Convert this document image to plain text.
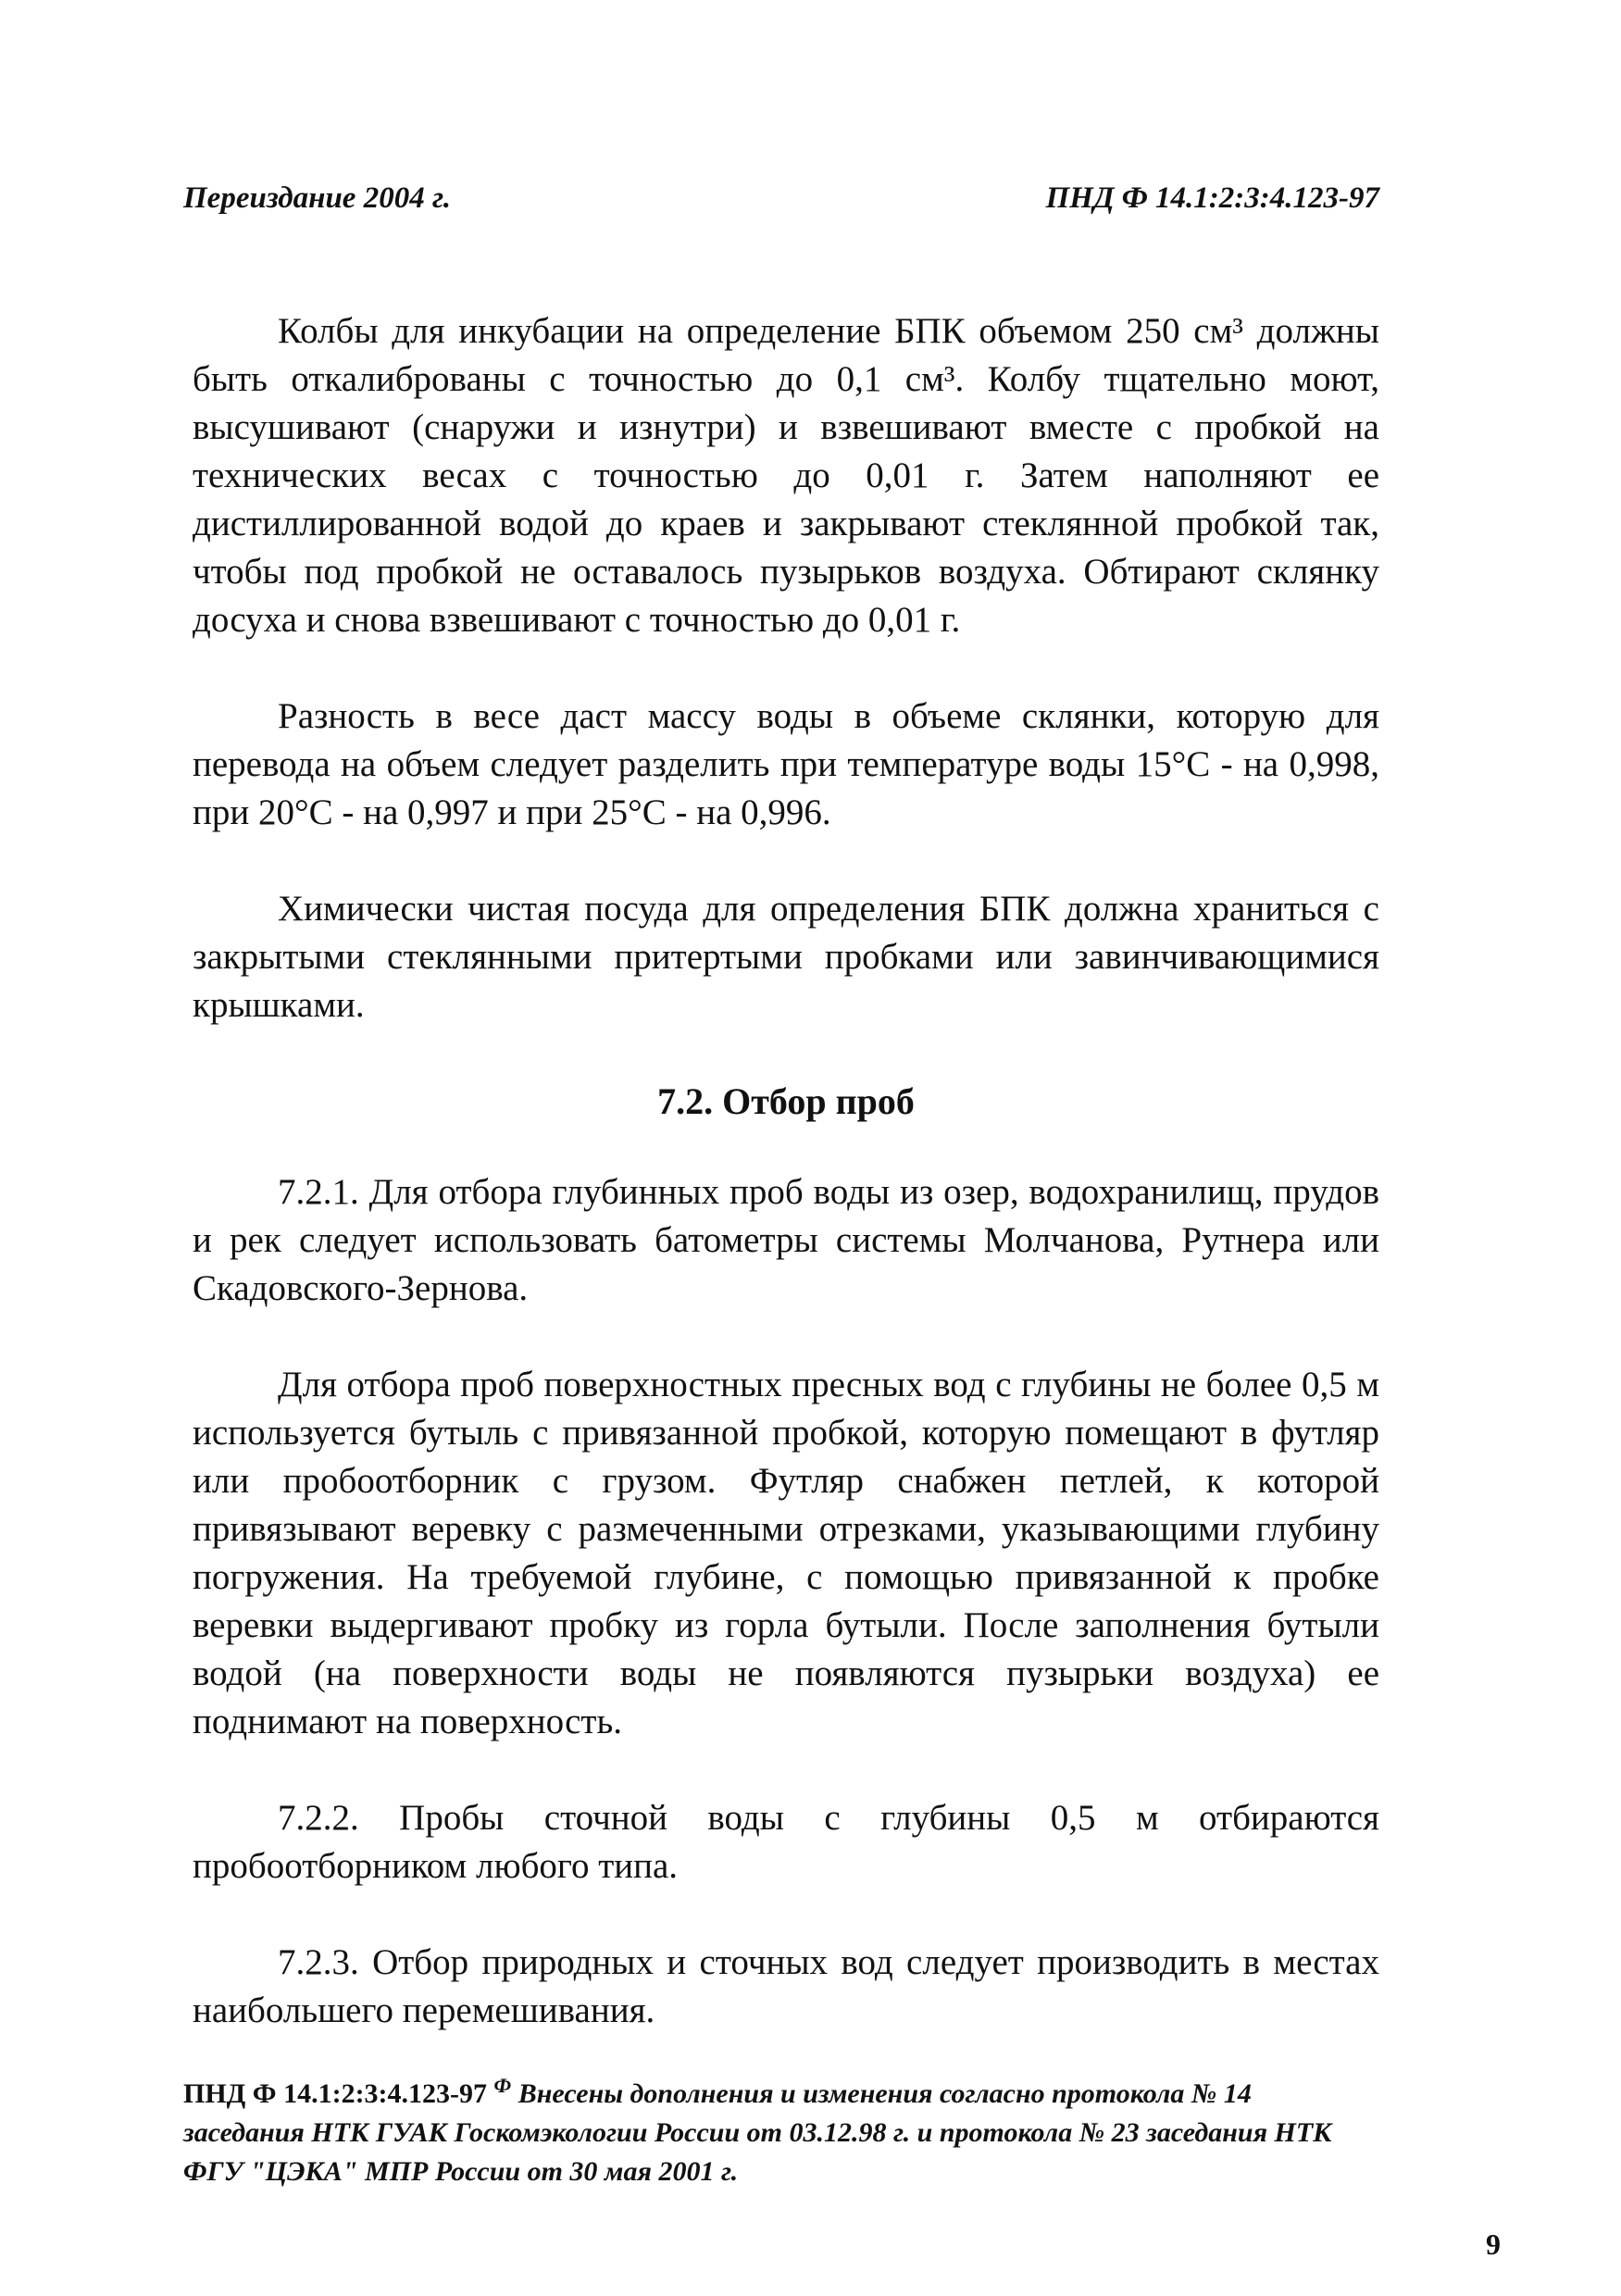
Переиздание 2004 г.	ПНД Ф 14.1:2:3:4.123-97

Колбы для инкубации на определение БПК объемом 250 см³ должны быть откалиброваны с точностью до 0,1 см³. Колбу тщательно моют, высушивают (снаружи и изнутри) и взвешивают вместе с пробкой на технических весах с точностью до 0,01 г. Затем наполняют ее дистиллированной водой до краев и закрывают стеклянной пробкой так, чтобы под пробкой не оставалось пузырьков воздуха. Обтирают склянку досуха и снова взвешивают с точностью до 0,01 г.

Разность в весе даст массу воды в объеме склянки, которую для перевода на объем следует разделить при температуре воды 15°С - на 0,998, при 20°С - на 0,997 и при 25°С - на 0,996.

Химически чистая посуда для определения БПК должна храниться с закрытыми стеклянными притертыми пробками или завинчивающимися крышками.

7.2. Отбор проб

7.2.1. Для отбора глубинных проб воды из озер, водохранилищ, прудов и рек следует использовать батометры системы Молчанова, Рутнера или Скадовского-Зернова.

Для отбора проб поверхностных пресных вод с глубины не более 0,5 м используется бутыль с привязанной пробкой, которую помещают в футляр или пробоотборник с грузом. Футляр снабжен петлей, к которой привязывают веревку с размеченными отрезками, указывающими глубину погружения. На требуемой глубине, с помощью привязанной к пробке веревки выдергивают пробку из горла бутыли. После заполнения бутыли водой (на поверхности воды не появляются пузырьки воздуха) ее поднимают на поверхность.

7.2.2. Пробы сточной воды с глубины 0,5 м отбираются пробоотборником любого типа.

7.2.3. Отбор природных и сточных вод следует производить в местах наибольшего перемешивания.

ПНД Ф 14.1:2:3:4.123-97 $^Ф$ Внесены дополнения и изменения согласно протокола № 14 заседания НТК ГУАК Госкомэкологии России от 03.12.98 г. и протокола № 23 заседания НТК ФГУ "ЦЭКА" МПР России от 30 мая 2001 г.
9
